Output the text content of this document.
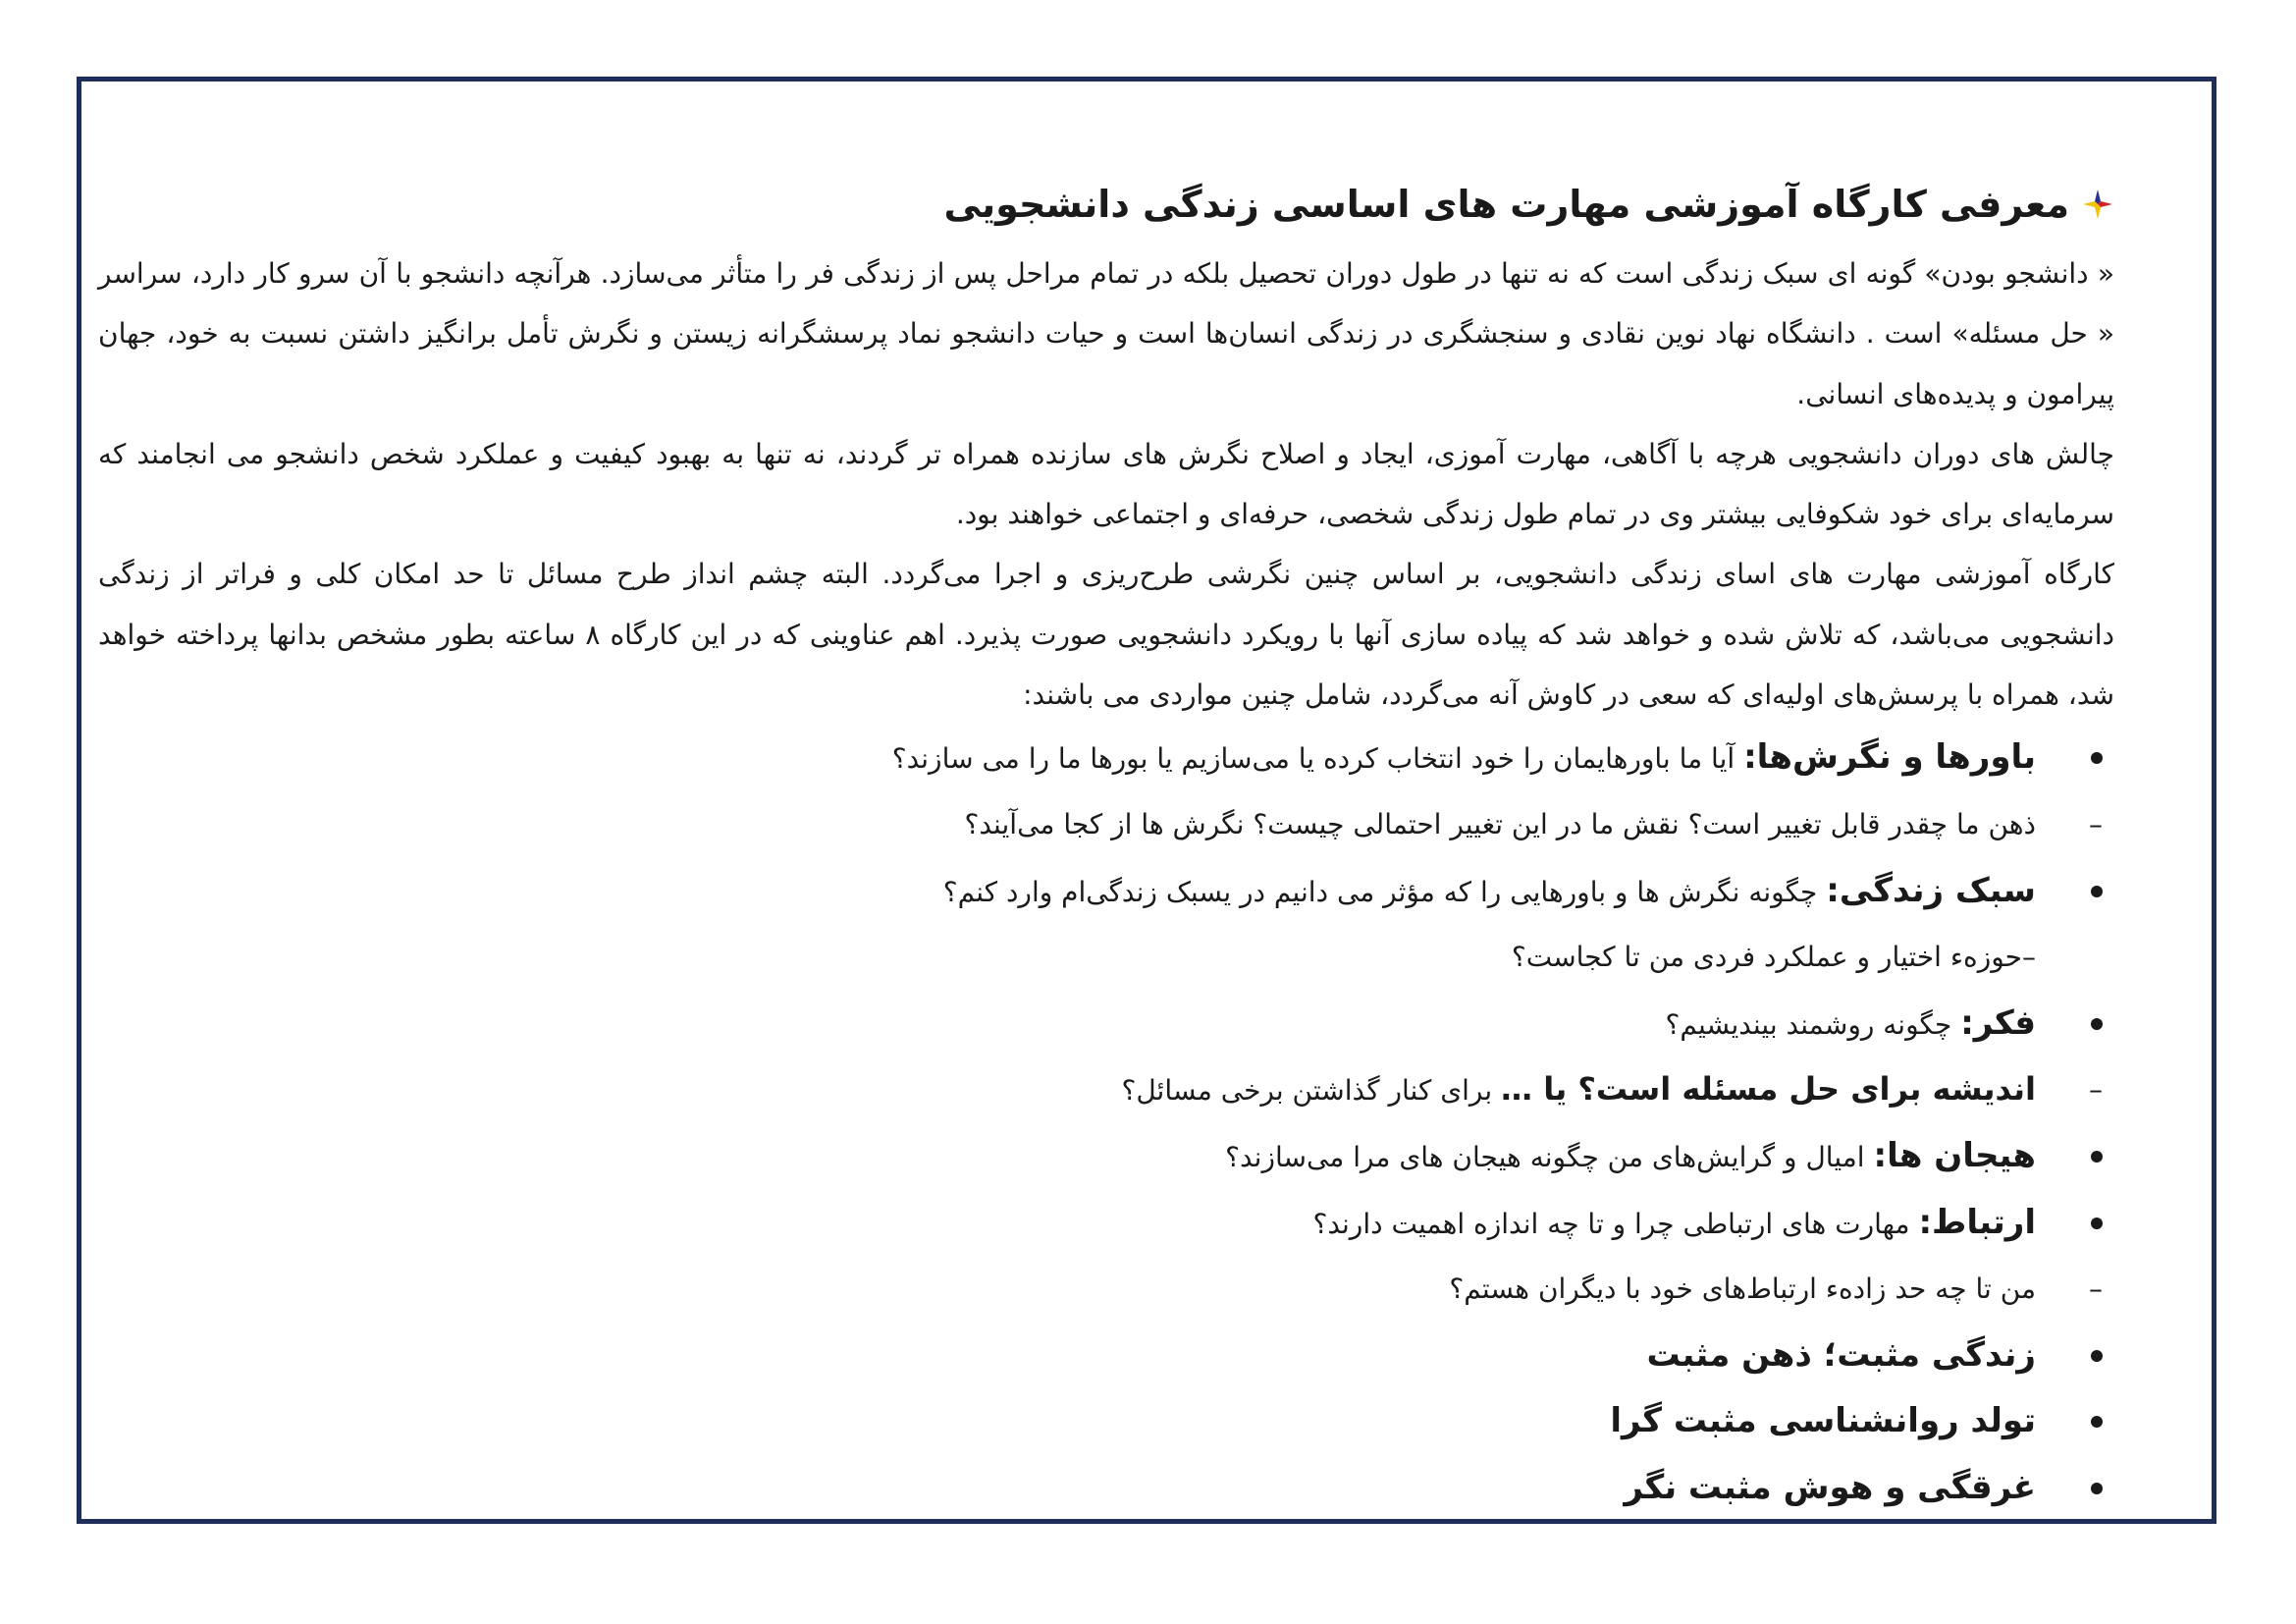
معرفی کارگاه آموزشی مهارت های اساسی زندگی دانشجویی

« دانشجو بودن» گونه ای سبک زندگی است که نه تنها در طول دوران تحصیل بلکه در تمام مراحل پس از زندگی فر را متأثر می‌سازد. هرآنچه دانشجو با آن سرو کار دارد، سراسر « حل مسئله» است . دانشگاه نهاد نوین نقادی و سنجشگری در زندگی انسان‌ها است و حیات دانشجو نماد پرسشگرانه زیستن و نگرش تأمل برانگیز داشتن نسبت به خود، جهان پیرامون و پدیده‌های انسانی.

چالش های دوران دانشجویی هرچه با آگاهی، مهارت آموزی، ایجاد و اصلاح نگرش های سازنده همراه تر گردند، نه تنها به بهبود کیفیت و عملکرد شخص دانشجو می انجامند که سرمایه‌ای برای خود شکوفایی بیشتر وی در تمام طول زندگی شخصی، حرفه‌ای و اجتماعی خواهند بود.

کارگاه آموزشی مهارت های اسای زندگی دانشجویی، بر اساس چنین نگرشی طرح‌ریزی و اجرا می‌گردد. البته چشم انداز طرح مسائل تا حد امکان کلی و فراتر از زندگی دانشجویی می‌باشد، که تلاش شده و خواهد شد که پیاده سازی آنها با رویکرد دانشجویی صورت پذیرد. اهم عناوینی که در این کارگاه ۸ ساعته بطور مشخص بدانها پرداخته خواهد شد، همراه با پرسش‌های اولیه‌ای که سعی در کاوش آنه می‌گردد، شامل چنین مواردی می باشند:

باورها و نگرش‌ها: آیا ما باورهایمان را خود انتخاب کرده یا می‌سازیم یا بورها ما را می سازند؟
–
ذهن ما چقدر قابل تغییر است؟ نقش ما در این تغییر احتمالی چیست؟ نگرش ها از کجا می‌آیند؟
سبک زندگی: چگونه نگرش ها و باورهایی را که مؤثر می دانیم در یسبک زندگی‌ام وارد کنم؟
–حوزهء اختیار و عملکرد فردی من تا کجاست؟
فکر: چگونه روشمند بیندیشیم؟
–
اندیشه برای حل مسئله است؟ یا … برای کنار گذاشتن برخی مسائل؟
هیجان ها: امیال و گرایش‌های من چگونه هیجان های مرا می‌سازند؟
ارتباط: مهارت های ارتباطی چرا و تا چه اندازه اهمیت دارند؟
–
من تا چه حد زادهء ارتباط‌های خود با دیگران هستم؟
زندگی مثبت؛ ذهن مثبت
تولد روانشناسی مثبت گرا
غرقگی و هوش مثبت نگر
